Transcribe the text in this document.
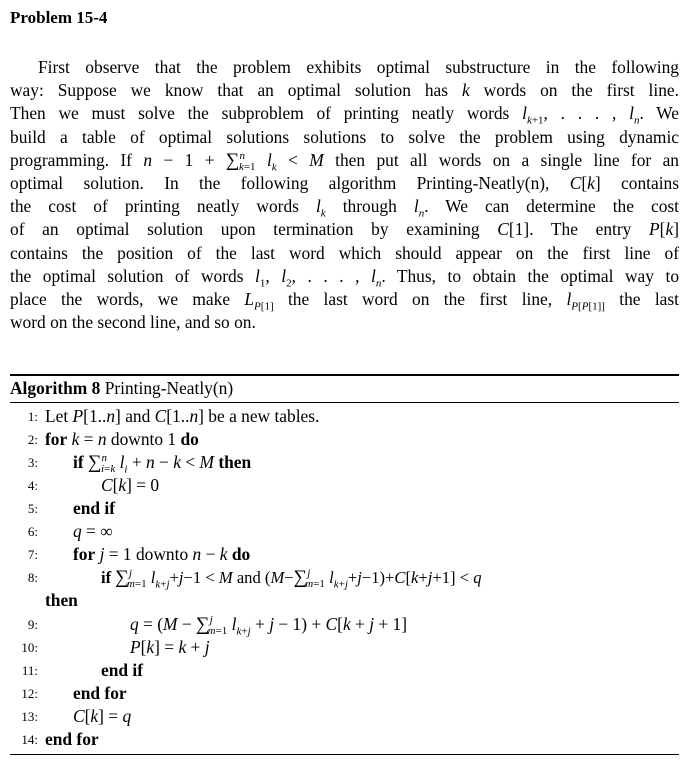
Problem 15-4
First observe that the problem exhibits optimal substructure in the following
way: Suppose we know that an optimal solution has k words on the first line.
Then we must solve the subproblem of printing neatly words $l_{k+1}$, . . . , $l_n$. We
build a table of optimal solutions solutions to solve the problem using dynamic
programming. If n − 1 + ∑$^n_{k=1}$ $l_k < M$ then put all words on a single line for an
optimal solution. In the following algorithm Printing-Neatly(n), C[k] contains
the cost of printing neatly words $l_k$ through $l_n$. We can determine the cost
of an optimal solution upon termination by examining C[1]. The entry P[k]
contains the position of the last word which should appear on the first line of
the optimal solution of words $l_1$, $l_2$, . . . , $l_n$. Thus, to obtain the optimal way to
place the words, we make $L_{P[1]}$ the last word on the first line, $l_{P[P[1]]}$ the last
word on the second line, and so on.
Algorithm 8 Printing-Neatly(n)
1: Let P[1..n] and C[1..n] be a new tables.
2: for k = n downto 1 do
3: if ∑$^n_{i=k}$ $l_i + n - k < M$ then
4:	C[k] = 0
5: end if
6: q = ∞
7: for j = 1 downto n − k do
8:	if ∑$^j_{m=1}$ $l_{k+j}+j-1 < M$ and (M−∑$^j_{m=1}$ $l_{k+j}+j-1)+C[k+j+1] < q$
then
9:	q = (M − ∑$^j_{m=1}$ $l_{k+j} + j - 1) + C[k + j + 1]$
10:	P[k] = k + j
11:	end if
12: end for
13: C[k] = q
14: end for
